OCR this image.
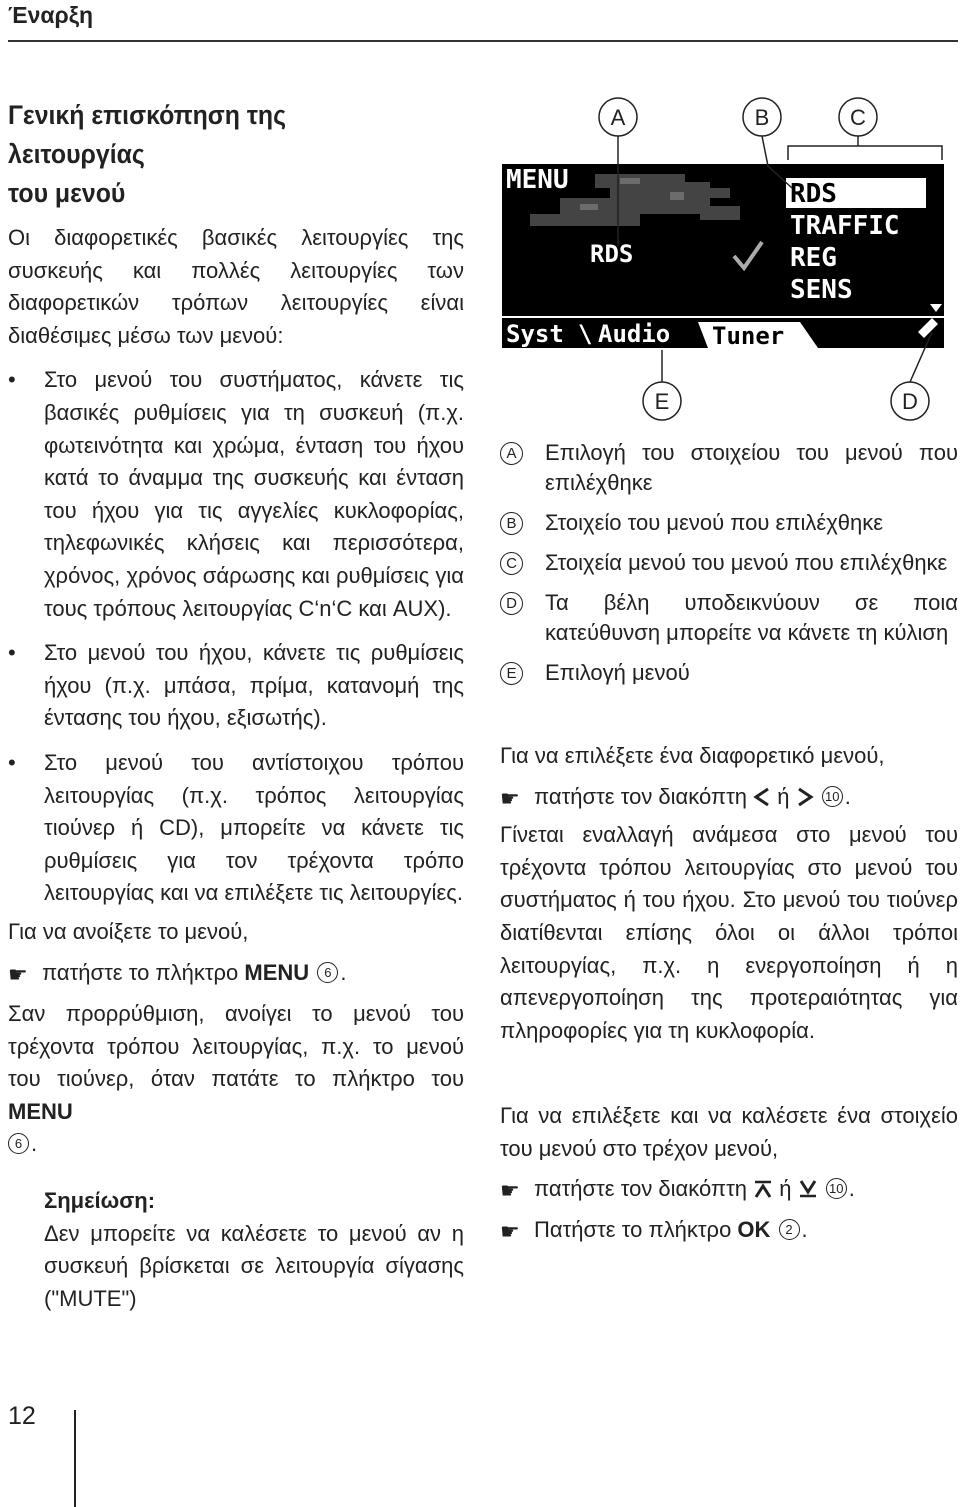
Έναρξη
Γενική επισκόπηση της λειτουργίας
του μενού

Οι διαφορετικές βασικές λειτουργίες της συσκευής και πολλές λειτουργίες των διαφορετικών τρόπων λειτουργίες είναι διαθέσιμες μέσω των μενού:

• Στο μενού του συστήματος, κάνετε τις βασικές ρυθμίσεις για τη συσκευή (π.χ. φωτεινότητα και χρώμα, ένταση του ήχου κατά το άναμμα της συσκευής και ένταση του ήχου για τις αγγελίες κυκλοφορίας, τηλεφωνικές κλήσεις και περισσότερα, χρόνος, χρόνος σάρωσης και ρυθμίσεις για τους τρόπους λειτουργίας C‘n‘C και AUX).
• Στο μενού του ήχου, κάνετε τις ρυθμίσεις ήχου (π.χ. μπάσα, πρίμα, κατανομή της έντασης του ήχου, εξισωτής).
• Στο μενού του αντίστοιχου τρόπου λειτουργίας (π.χ. τρόπος λειτουργίας τιούνερ ή CD), μπορείτε να κάνετε τις ρυθμίσεις για τον τρέχοντα τρόπο λειτουργίας και να επιλέξετε τις λειτουργίες.

Για να ανοίξετε το μενού,

☛ πατήστε το πλήκτρο MENU 6 .

Σαν προρρύθμιση, ανοίγει το μενού του τρέχοντα τρόπου λειτουργίας, π.χ. το μενού του τιούνερ, όταν πατάτε το πλήκτρο του MENU
6 .

Σημείωση:
Δεν μπορείτε να καλέσετε το μενού αν η συσκευή βρίσκεται σε λειτουργία σίγασης ("MUTE")
A	B	C
D
E
MENU
RDS
RDS
TRAFFIC
REG
SENS
Syst \ Audio Tuner
A Επιλογή του στοιχείου του μενού που επιλέχθηκε
B Στοιχείο του μενού που επιλέχθηκε
C Στοιχεία μενού του μενού που επιλέχθηκε
D Τα βέλη υποδεικνύουν σε ποια κατεύθυνση μπορείτε να κάνετε τη κύλιση
E Επιλογή μενού

Για να επιλέξετε ένα διαφορετικό μενού,

☛ πατήστε τον διακόπτη  ή	10 .

Γίνεται εναλλαγή ανάμεσα στο μενού του τρέχοντα τρόπου λειτουργίας στο μενού του συστήματος ή του ήχου. Στο μενού του τιούνερ διατίθενται επίσης όλοι οι άλλοι τρόποι λειτουργίας, π.χ. η ενεργοποίηση ή η απενεργοποίηση της προτεραιότητας για πληροφορίες για τη κυκλοφορία.

Για να επιλέξετε και να καλέσετε ένα στοιχείο του μενού στο τρέχον μενού,

☛ πατήστε τον διακόπτη  ή	10 .
☛ Πατήστε το πλήκτρο OK 2 .
12
